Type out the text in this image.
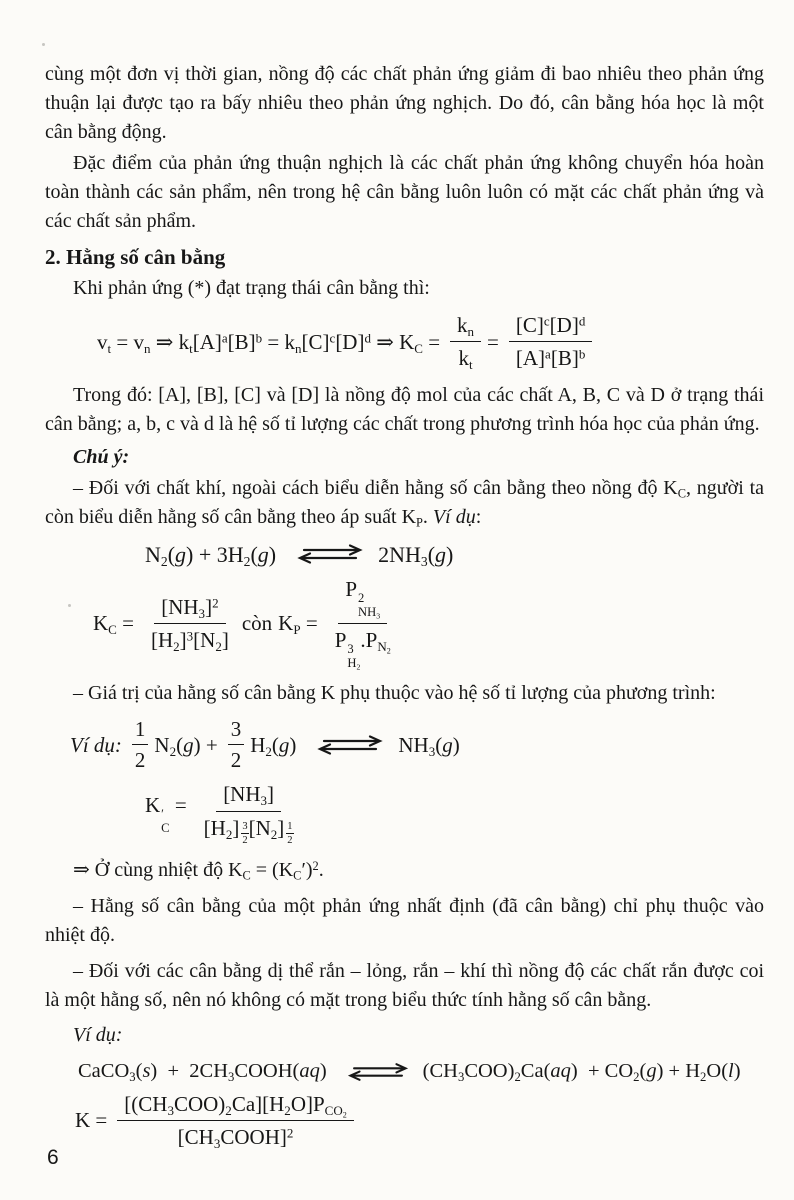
cùng một đơn vị thời gian, nồng độ các chất phản ứng giảm đi bao nhiêu theo phản ứng thuận lại được tạo ra bấy nhiêu theo phản ứng nghịch. Do đó, cân bằng hóa học là một cân bằng động.

Đặc điểm của phản ứng thuận nghịch là các chất phản ứng không chuyển hóa hoàn toàn thành các sản phẩm, nên trong hệ cân bằng luôn luôn có mặt các chất phản ứng và các chất sản phẩm.

2. Hằng số cân bằng

Khi phản ứng (*) đạt trạng thái cân bằng thì:

$v_t = v_n$ ⇒ $k_t[A]^a[B]^b = k_n[C]^c[D]^d$ ⇒ $K_C = \frac{k_n}{k_t} = \frac{[C]^c[D]^d}{[A]^a[B]^b}$

Trong đó: [A], [B], [C] và [D] là nồng độ mol của các chất A, B, C và D ở trạng thái cân bằng; a, b, c và d là hệ số tỉ lượng các chất trong phương trình hóa học của phản ứng.

Chú ý:

– Đối với chất khí, ngoài cách biểu diễn hằng số cân bằng theo nồng độ $K_C$, người ta còn biểu diễn hằng số cân bằng theo áp suất $K_P$. Ví dụ:

$N_2(g) + 3H_2(g)$ ⇌ $2NH_3(g)$
$K_C = \frac{[NH_3]^2}{[H_2]^3[N_2]}$ còn $K_P = P$ 2
$NH_3$
P 3
$H_2$
$.P_{N_2}$

– Giá trị của hằng số cân bằng K phụ thuộc vào hệ số tỉ lượng của phương trình:

Ví dụ: $\frac{1}{2} N_2(g) + \frac{3}{2} H_2(g)$ ⇌ $NH_3(g)$
K ′
C
= $\frac{[NH_3]}{[H_2] \frac{3}{2} [N_2] \frac{1}{2}}$

⇒ Ở cùng nhiệt độ $K_C = (K_C')^2$.

– Hằng số cân bằng của một phản ứng nhất định (đã cân bằng) chỉ phụ thuộc vào nhiệt độ.

– Đối với các cân bằng dị thể rắn – lỏng, rắn – khí thì nồng độ các chất rắn được coi là một hằng số, nên nó không có mặt trong biểu thức tính hằng số cân bằng.

Ví dụ:

CaCO$_3$(s)  +  $2CH_3COOH(aq)$ ⇌ $(CH_3COO)_2Ca(aq) + CO_2(g) + H_2O(l)$
$K = \frac{[(CH_3COO)_2Ca][H_2O]P_{CO_2}}{[CH_3COOH]^2}$
6
